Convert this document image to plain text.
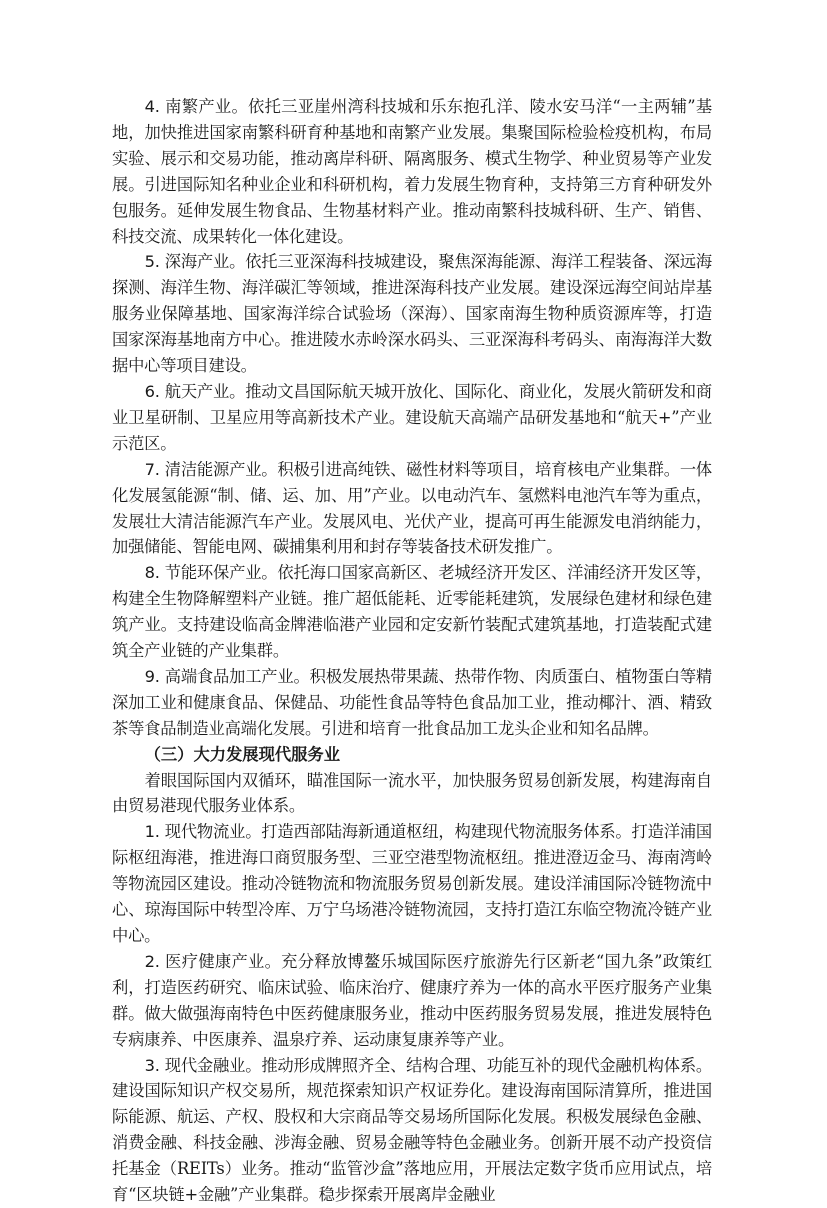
4. 南繁产业。依托三亚崖州湾科技城和乐东抱孔洋、陵水安马洋“一主两辅”基地，加快推进国家南繁科研育种基地和南繁产业发展。集聚国际检验检疫机构，布局实验、展示和交易功能，推动离岸科研、隔离服务、模式生物学、种业贸易等产业发展。引进国际知名种业企业和科研机构，着力发展生物育种，支持第三方育种研发外包服务。延伸发展生物食品、生物基材料产业。推动南繁科技城科研、生产、销售、科技交流、成果转化一体化建设。

5. 深海产业。依托三亚深海科技城建设，聚焦深海能源、海洋工程装备、深远海探测、海洋生物、海洋碳汇等领域，推进深海科技产业发展。建设深远海空间站岸基服务业保障基地、国家海洋综合试验场（深海）、国家南海生物种质资源库等，打造国家深海基地南方中心。推进陵水赤岭深水码头、三亚深海科考码头、南海海洋大数据中心等项目建设。

6. 航天产业。推动文昌国际航天城开放化、国际化、商业化，发展火箭研发和商业卫星研制、卫星应用等高新技术产业。建设航天高端产品研发基地和“航天+”产业示范区。

7. 清洁能源产业。积极引进高纯铁、磁性材料等项目，培育核电产业集群。一体化发展氢能源“制、储、运、加、用”产业。以电动汽车、氢燃料电池汽车等为重点，发展壮大清洁能源汽车产业。发展风电、光伏产业，提高可再生能源发电消纳能力，加强储能、智能电网、碳捕集利用和封存等装备技术研发推广。

8. 节能环保产业。依托海口国家高新区、老城经济开发区、洋浦经济开发区等，构建全生物降解塑料产业链。推广超低能耗、近零能耗建筑，发展绿色建材和绿色建筑产业。支持建设临高金牌港临港产业园和定安新竹装配式建筑基地，打造装配式建筑全产业链的产业集群。

9. 高端食品加工产业。积极发展热带果蔬、热带作物、肉质蛋白、植物蛋白等精深加工业和健康食品、保健品、功能性食品等特色食品加工业，推动椰汁、酒、精致茶等食品制造业高端化发展。引进和培育一批食品加工龙头企业和知名品牌。

（三）大力发展现代服务业

着眼国际国内双循环，瞄准国际一流水平，加快服务贸易创新发展，构建海南自由贸易港现代服务业体系。

1. 现代物流业。打造西部陆海新通道枢纽，构建现代物流服务体系。打造洋浦国际枢纽海港，推进海口商贸服务型、三亚空港型物流枢纽。推进澄迈金马、海南湾岭等物流园区建设。推动冷链物流和物流服务贸易创新发展。建设洋浦国际冷链物流中心、琼海国际中转型冷库、万宁乌场港冷链物流园，支持打造江东临空物流冷链产业中心。

2. 医疗健康产业。充分释放博鳌乐城国际医疗旅游先行区新老“国九条”政策红利，打造医药研究、临床试验、临床治疗、健康疗养为一体的高水平医疗服务产业集群。做大做强海南特色中医药健康服务业，推动中医药服务贸易发展，推进发展特色专病康养、中医康养、温泉疗养、运动康复康养等产业。

3. 现代金融业。推动形成牌照齐全、结构合理、功能互补的现代金融机构体系。建设国际知识产权交易所，规范探索知识产权证券化。建设海南国际清算所，推进国际能源、航运、产权、股权和大宗商品等交易场所国际化发展。积极发展绿色金融、消费金融、科技金融、涉海金融、贸易金融等特色金融业务。创新开展不动产投资信托基金（REITs）业务。推动“监管沙盒”落地应用，开展法定数字货币应用试点，培育“区块链+金融”产业集群。稳步探索开展离岸金融业
